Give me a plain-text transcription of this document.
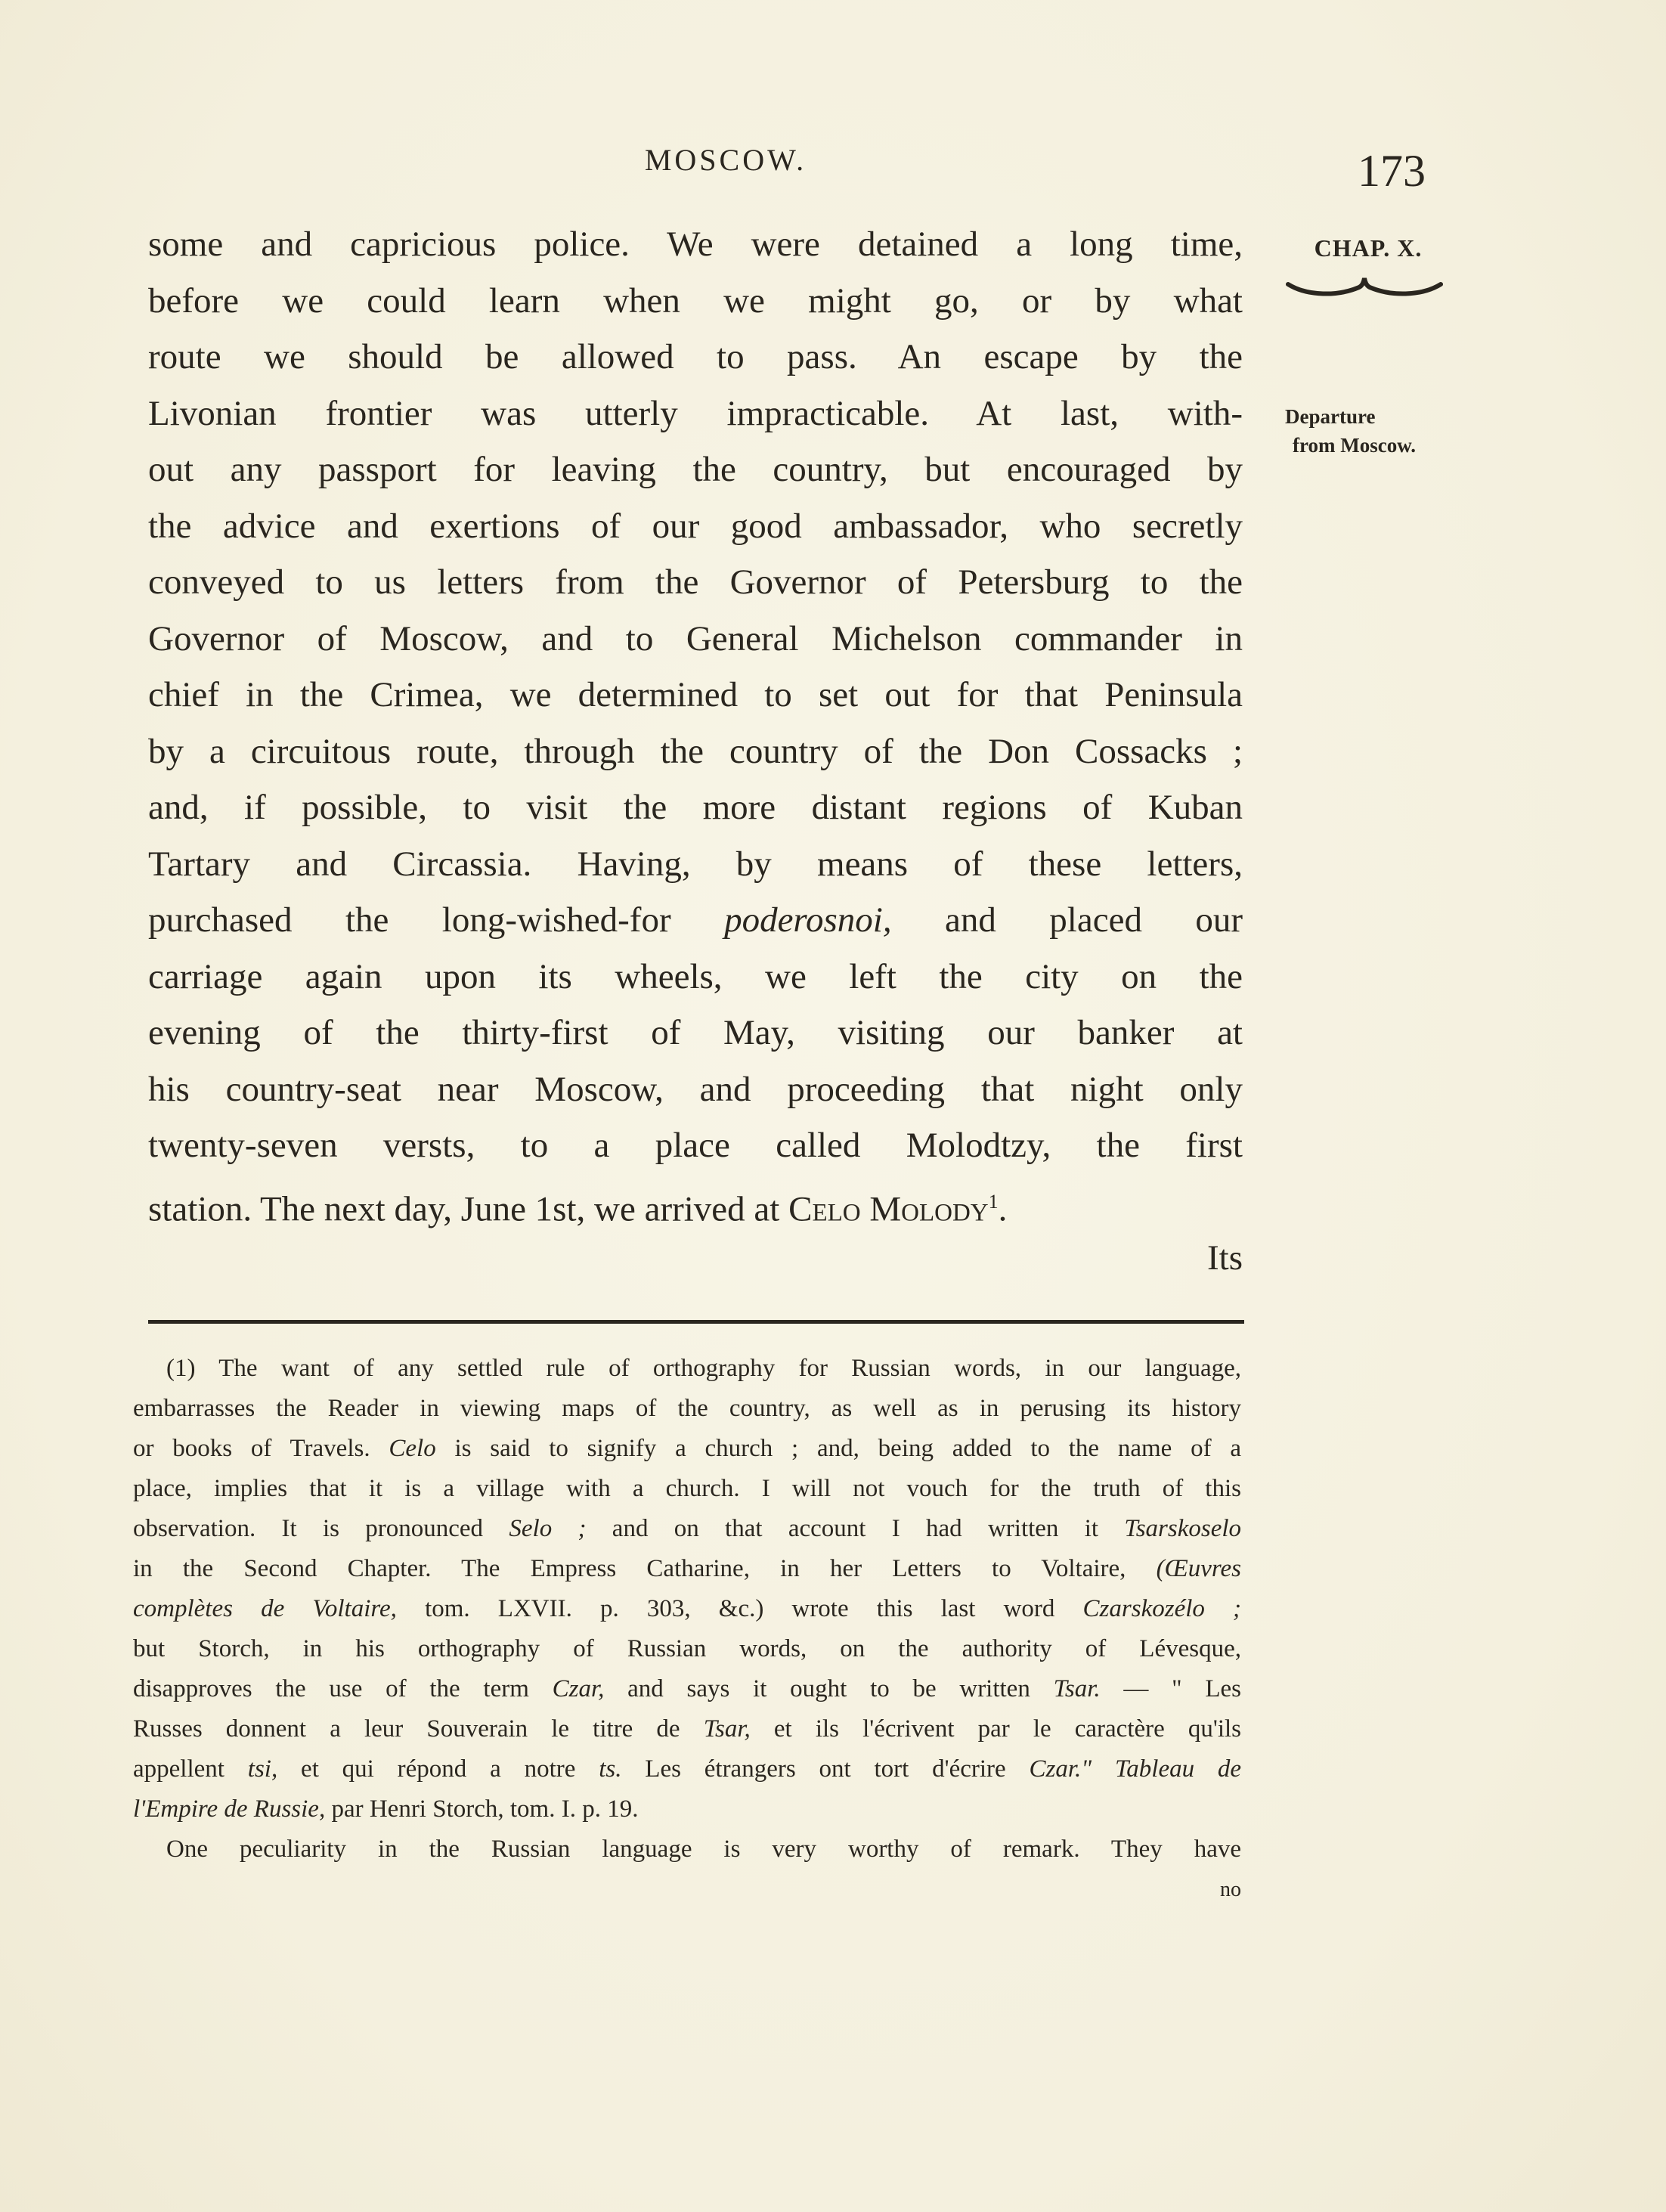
MOSCOW.	173
CHAP. X.
Departure
from Moscow.
some and capricious police. We were detained a long time,
before we could learn when we might go, or by what
route we should be allowed to pass. An escape by the
Livonian frontier was utterly impracticable. At last, with-
out any passport for leaving the country, but encouraged by
the advice and exertions of our good ambassador, who secretly
conveyed to us letters from the Governor of Petersburg to the
Governor of Moscow, and to General Michelson commander in
chief in the Crimea, we determined to set out for that Peninsula
by a circuitous route, through the country of the Don Cossacks ;
and, if possible, to visit the more distant regions of Kuban
Tartary and Circassia. Having, by means of these letters,
purchased the long-wished-for poderosnoi, and placed our
carriage again upon its wheels, we left the city on the
evening of the thirty-first of May, visiting our banker at
his country-seat near Moscow, and proceeding that night only
twenty-seven versts, to a place called Molodtzy, the first
station. The next day, June 1st, we arrived at Celo Molody$^1$.
Its
(1) The want of any settled rule of orthography for Russian words, in our language,
embarrasses the Reader in viewing maps of the country, as well as in perusing its history
or books of Travels. Celo is said to signify a church ; and, being added to the name of a
place, implies that it is a village with a church. I will not vouch for the truth of this
observation. It is pronounced Selo ; and on that account I had written it Tsarskoselo
in the Second Chapter. The Empress Catharine, in her Letters to Voltaire, (Œuvres
complètes de Voltaire, tom. LXVII. p. 303, &c.) wrote this last word Czarskozélo ;
but Storch, in his orthography of Russian words, on the authority of Lévesque,
disapproves the use of the term Czar, and says it ought to be written Tsar. — " Les
Russes donnent a leur Souverain le titre de Tsar, et ils l'écrivent par le caractère qu'ils
appellent tsi, et qui répond a notre ts. Les étrangers ont tort d'écrire Czar." Tableau de
l'Empire de Russie, par Henri Storch, tom. I. p. 19.
One peculiarity in the Russian language is very worthy of remark. They have
no
